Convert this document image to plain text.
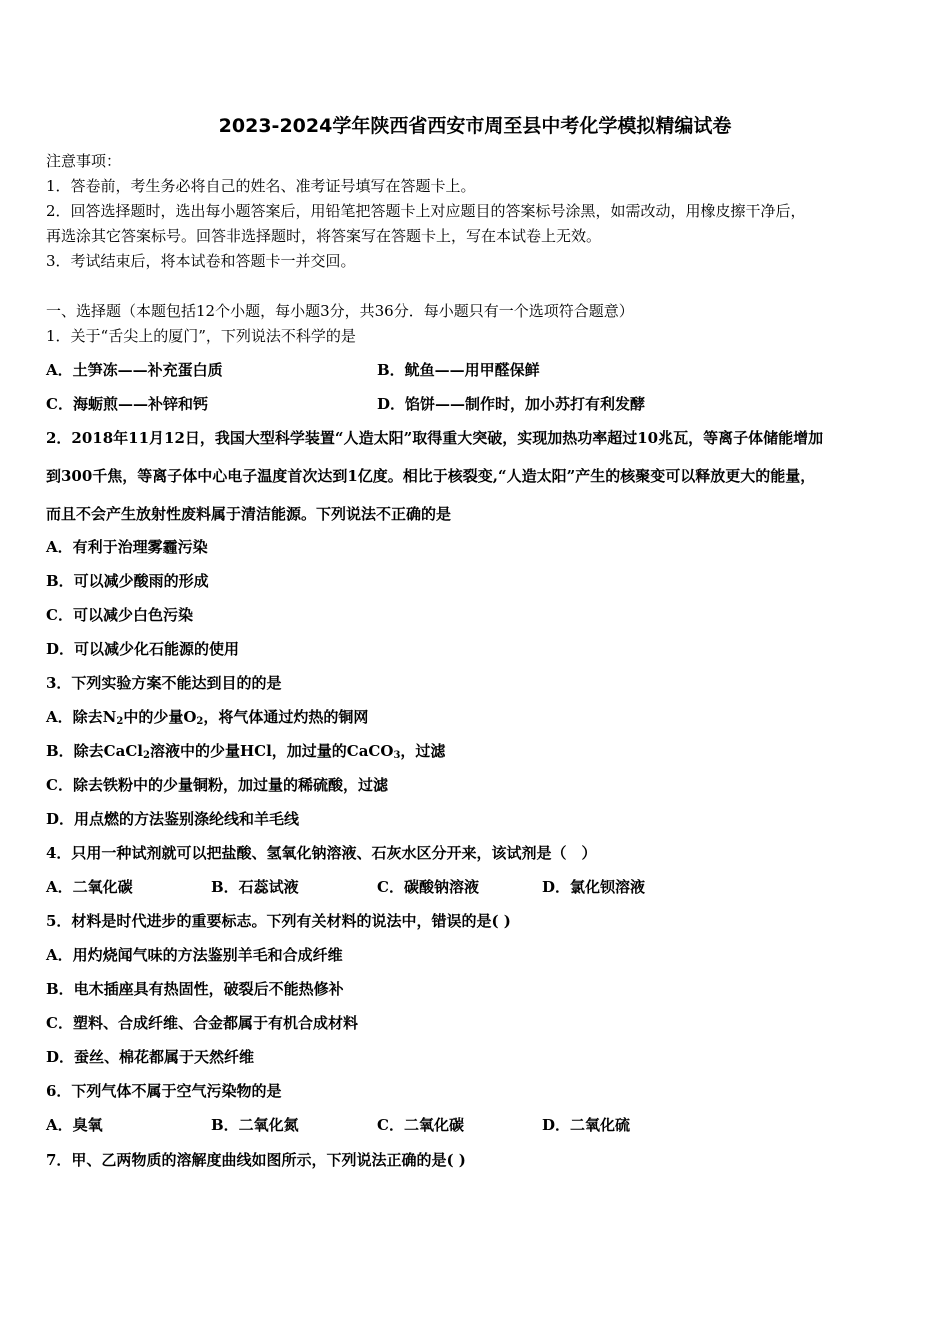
2023-2024学年陕西省西安市周至县中考化学模拟精编试卷
注意事项：
1．答卷前，考生务必将自己的姓名、准考证号填写在答题卡上。
2．回答选择题时，选出每小题答案后，用铅笔把答题卡上对应题目的答案标号涂黑，如需改动，用橡皮擦干净后，
再选涂其它答案标号。回答非选择题时，将答案写在答题卡上，写在本试卷上无效。
3．考试结束后，将本试卷和答题卡一并交回。
一、选择题（本题包括12个小题，每小题3分，共36分．每小题只有一个选项符合题意）
1．关于“舌尖上的厦门”，下列说法不科学的是
A．土笋冻——补充蛋白质	B．鱿鱼——用甲醛保鲜
C．海蛎煎——补锌和钙	D．馅饼——制作时，加小苏打有利发酵
2．2018年11月12日，我国大型科学装置“人造太阳”取得重大突破，实现加热功率超过10兆瓦，等离子体储能增加
到300千焦，等离子体中心电子温度首次达到1亿度。相比于核裂变,“人造太阳”产生的核聚变可以释放更大的能量，
而且不会产生放射性废料属于清洁能源。下列说法不正确的是
A．有利于治理雾霾污染
B．可以减少酸雨的形成
C．可以减少白色污染
D．可以减少化石能源的使用
3．下列实验方案不能达到目的的是
A．除去$N_2$中的少量$O_2$，将气体通过灼热的铜网
B．除去CaCl$_2$溶液中的少量HCl，加过量的CaCO$_3$，过滤
C．除去铁粉中的少量铜粉，加过量的稀硫酸，过滤
D．用点燃的方法鉴别涤纶线和羊毛线
4．只用一种试剂就可以把盐酸、氢氧化钠溶液、石灰水区分开来，该试剂是（　）
A．二氧化碳	B．石蕊试液	C．碳酸钠溶液	D．氯化钡溶液
5．材料是时代进步的重要标志。下列有关材料的说法中，错误的是( )
A．用灼烧闻气味的方法鉴别羊毛和合成纤维
B．电木插座具有热固性，破裂后不能热修补
C．塑料、合成纤维、合金都属于有机合成材料
D．蚕丝、棉花都属于天然纤维
6．下列气体不属于空气污染物的是
A．臭氧	B．二氧化氮	C．二氧化碳	D．二氧化硫
7．甲、乙两物质的溶解度曲线如图所示，下列说法正确的是( )
